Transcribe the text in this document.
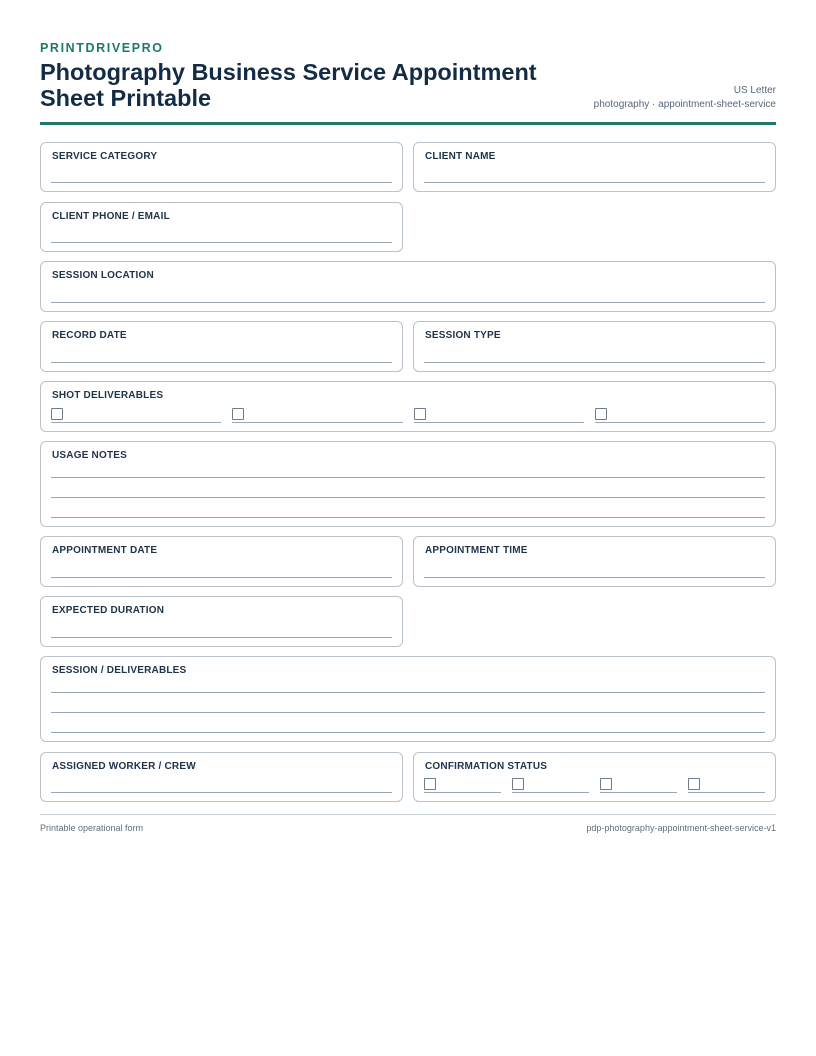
PRINTDRIVEPRO
Photography Business Service Appointment Sheet Printable	US Letter
photography · appointment-sheet-service
SERVICE CATEGORY	CLIENT NAME
CLIENT PHONE / EMAIL
SESSION LOCATION
RECORD DATE	SESSION TYPE
SHOT DELIVERABLES
USAGE NOTES
APPOINTMENT DATE	APPOINTMENT TIME
EXPECTED DURATION
SESSION / DELIVERABLES
ASSIGNED WORKER / CREW	CONFIRMATION STATUS
Printable operational form	pdp-photography-appointment-sheet-service-v1
